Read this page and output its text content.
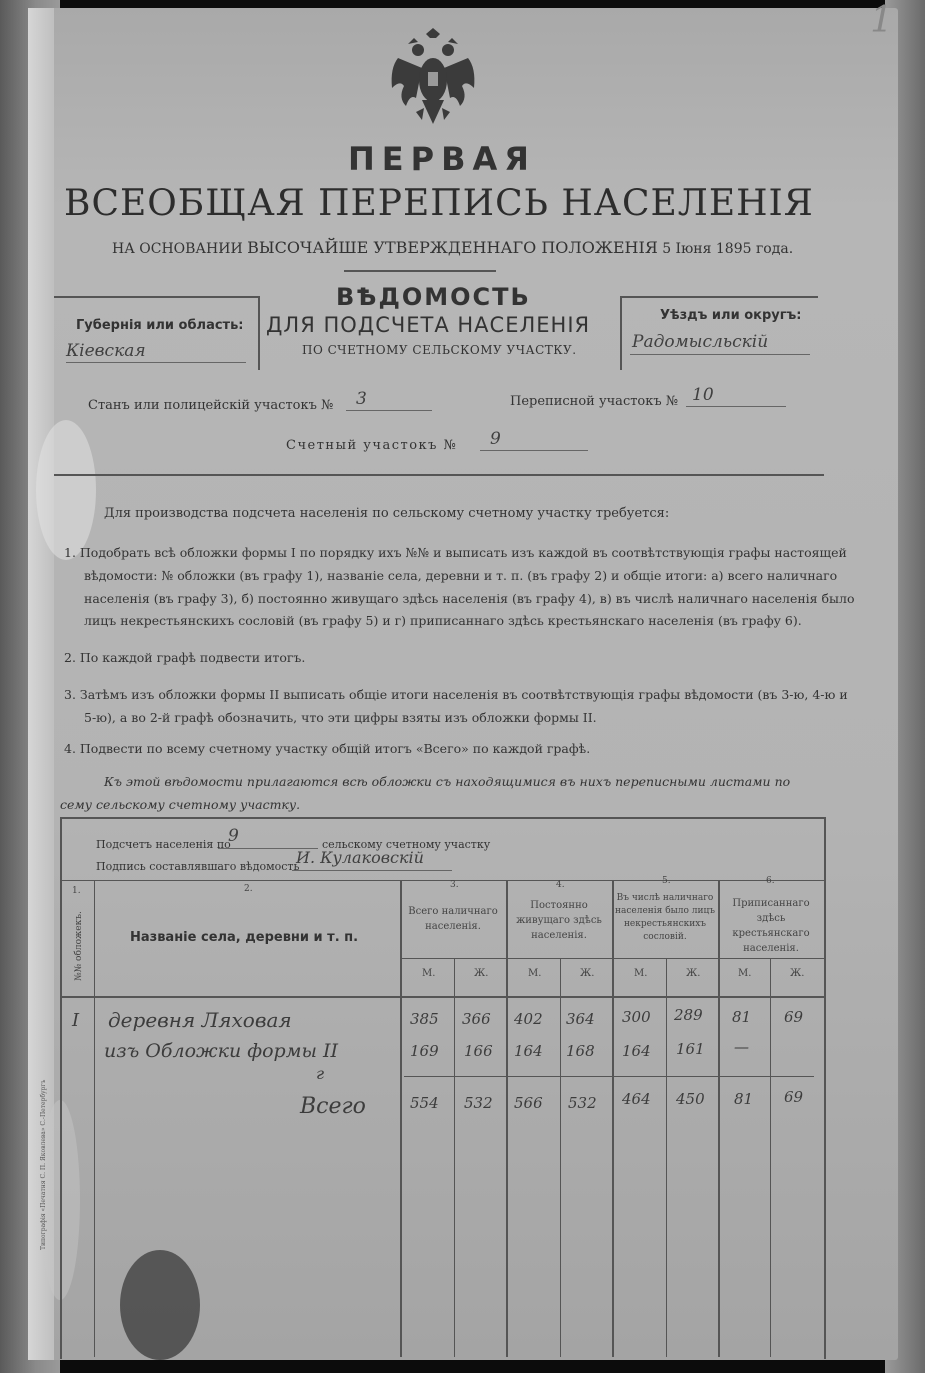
1
ПЕРВАЯ
ВСЕОБЩАЯ ПЕРЕПИСЬ НАСЕЛЕНІЯ
НА ОСНОВАНИИ ВЫСОЧАЙШЕ УТВЕРЖДЕННАГО ПОЛОЖЕНІЯ 5 Іюня 1895 года.
ВѢДОМОСТЬ
ДЛЯ ПОДСЧЕТА НАСЕЛЕНІЯ
ПО СЧЕТНОМУ СЕЛЬСКОМУ УЧАСТКУ.
Губернія или область:
Кіевская
Уѣздъ или округъ:
Радомысльскій
Станъ или полицейскій участокъ № 3	Переписной участокъ № 10
Счетный участокъ № 9
Для производства подсчета населенія по сельскому счетному участку требуется:
1. Подобрать всѣ обложки формы I по порядку ихъ №№ и выписать изъ каждой въ соотвѣтствующія графы настоящей
вѣдомости: № обложки (въ графу 1), названіе села, деревни и т. п. (въ графу 2) и общіе итоги: а) всего наличнаго
населенія (въ графу 3), б) постоянно живущаго здѣсь населенія (въ графу 4), в) въ числѣ наличнаго населенія было
лицъ некрестьянскихъ сословій (въ графу 5) и г) приписаннаго здѣсь крестьянскаго населенія (въ графу 6).
2. По каждой графѣ подвести итогъ.
3. Затѣмъ изъ обложки формы II выписать общіе итоги населенія въ соотвѣтствующія графы вѣдомости (въ 3-ю, 4-ю и
5-ю), а во 2-й графѣ обозначить, что эти цифры взяты изъ обложки формы II.
4. Подвести по всему счетному участку общій итогъ «Всего» по каждой графѣ.
Къ этой вѣдомости прилагаются всѣ обложки съ находящимися въ нихъ переписными листами по
сему сельскому счетному участку.
Подсчетъ населенія по
9	сельскому счетному участку
Подпись составлявшаго вѣдомость
И. Кулаковскій
1.	2.	3.	4.	5.	6.
№№ обложекъ.	Названіе села, деревни и т. п.
Всего наличнаго населенія.
Постоянно живущаго здѣсь населенія.
Въ числѣ наличнаго населенія было лицъ некрестьянскихъ сословій.
Приписаннаго здѣсь крестьянскаго населенія.
М.	Ж.	М.	Ж.	М.	Ж.	М.	Ж.
I деревня Ляховая	385 366 402 364 300 289 81 69
изъ Обложки формы II	169 166 164 168 164 161 —
г
Всего	554 532 566 532 464 450 81 69
Типографія «Печатня С. П. Яковлева» С.-Петербургъ
